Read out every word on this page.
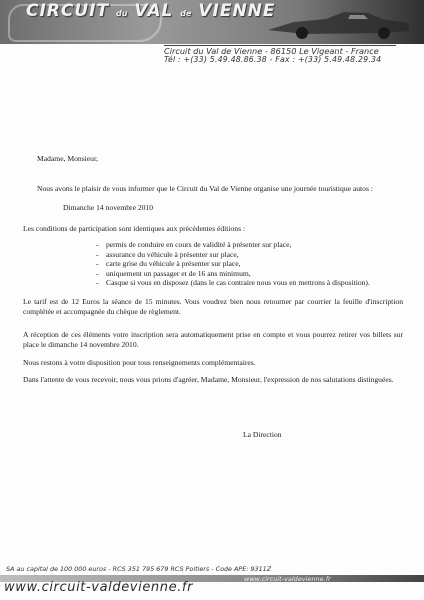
CIRCUIT du VAL de VIENNE
Circuit du Val de Vienne - 86150 Le Vigeant - France
Tél : +(33) 5.49.48.86.38 - Fax : +(33) 5.49.48.29.34
Madame, Monsieur,
Nous avons le plaisir de vous informer que le Circuit du Val de Vienne organise une journée touristique autos :
Dimanche 14 novembre 2010
Les conditions de participation sont identiques aux précédentes éditions :
- permis de conduire en cours de validité à présenter sur place,
- assurance du véhicule à présenter sur place,
- carte grise du véhicule à présenter sur place,
- uniquement un passager et de 16 ans minimum,
- Casque si vous en disposez (dans le cas contraire nous vous en mettrons à disposition).
Le tarif est de 12 Euros la séance de 15 minutes. Vous voudrez bien nous retourner par courrier la feuille d'inscription complétée et accompagnée du chèque de règlement.
A réception de ces éléments votre inscription sera automatiquement prise en compte et vous pourrez retirer vos billets sur place le dimanche 14 novembre 2010.
Nous restons à votre disposition pour tous renseignements complémentaires.
Dans l'attente de vous recevoir, nous vous prions d'agréer, Madame, Monsieur, l'expression de nos salutations distinguées.
La Direction
SA au capital de 100 000 euros - RCS 351 795 679 RCS Poitiers - Code APE: 9311Z
www.circuit-valdevienne.fr
www.circuit-valdevienne.fr
